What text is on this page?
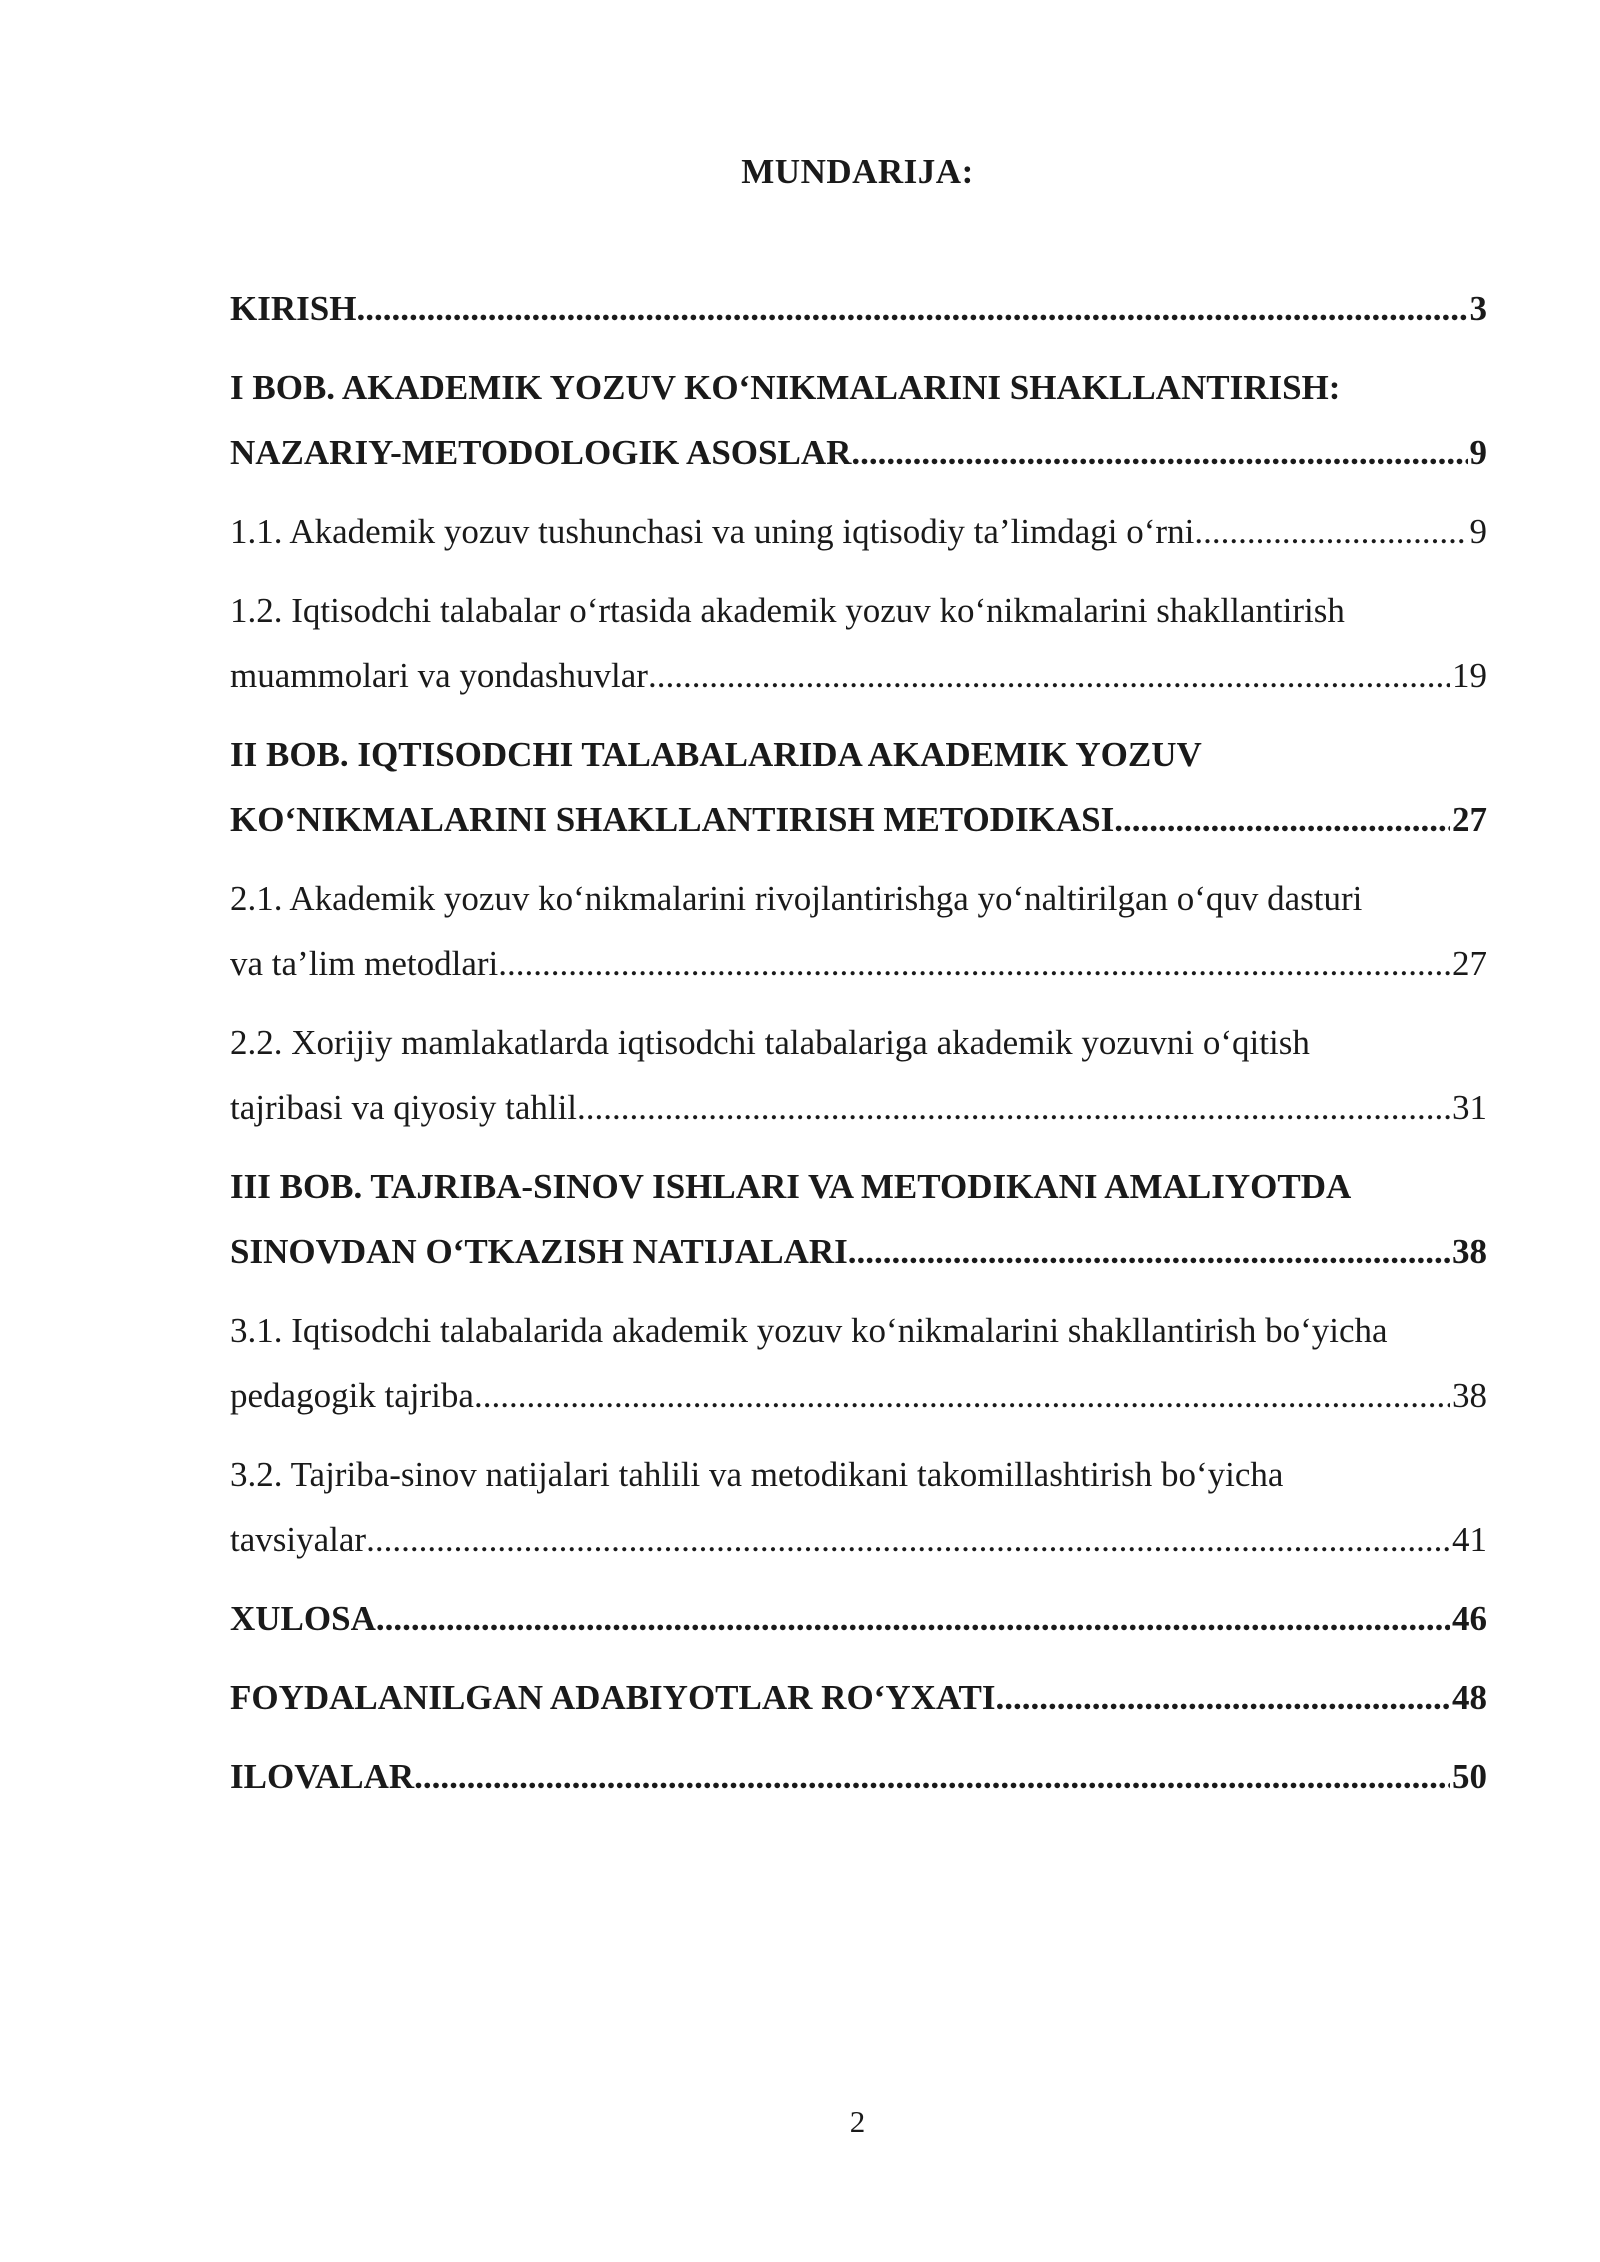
MUNDARIJA:
KIRISH .....	3
I BOB. AKADEMIK YOZUV KO‘NIKMALARINI SHAKLLANTIRISH:
NAZARIY-METODOLOGIK ASOSLAR .....	9
1.1. Akademik yozuv tushunchasi va uning iqtisodiy ta’limdagi o‘rni .....	9
1.2. Iqtisodchi talabalar o‘rtasida akademik yozuv ko‘nikmalarini shakllantirish
muammolari va yondashuvlar .....	19
II BOB. IQTISODCHI TALABALARIDA AKADEMIK YOZUV
KO‘NIKMALARINI SHAKLLANTIRISH METODIKASI .....	27
2.1. Akademik yozuv ko‘nikmalarini rivojlantirishga yo‘naltirilgan o‘quv dasturi
va ta’lim metodlari .....	27
2.2. Xorijiy mamlakatlarda iqtisodchi talabalariga akademik yozuvni o‘qitish
tajribasi va qiyosiy tahlil .....	31
III BOB. TAJRIBA-SINOV ISHLARI VA METODIKANI AMALIYOTDA
SINOVDAN O‘TKAZISH NATIJALARI .....	38
3.1. Iqtisodchi talabalarida akademik yozuv ko‘nikmalarini shakllantirish bo‘yicha
pedagogik tajriba .....	38
3.2. Tajriba-sinov natijalari tahlili va metodikani takomillashtirish bo‘yicha
tavsiyalar .....	41
XULOSA .....	46
FOYDALANILGAN ADABIYOTLAR RO‘YXATI .....	48
ILOVALAR .....	50
2
